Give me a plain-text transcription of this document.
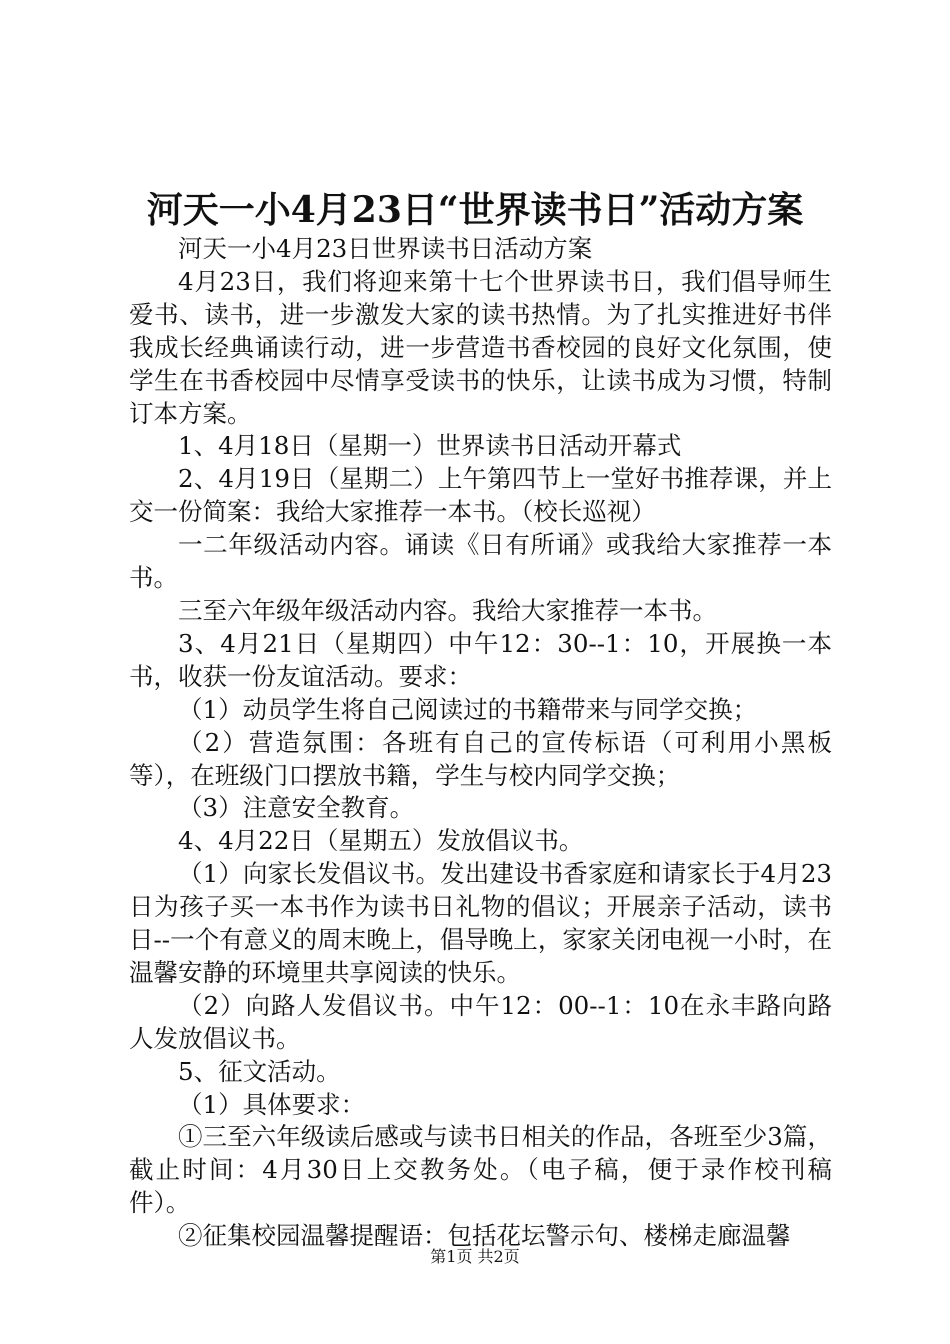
河天一小4月23日“世界读书日”活动方案

河天一小4月23日世界读书日活动方案

4月23日，我们将迎来第十七个世界读书日，我们倡导师生爱书、读书，进一步激发大家的读书热情。为了扎实推进好书伴我成长经典诵读行动，进一步营造书香校园的良好文化氛围，使学生在书香校园中尽情享受读书的快乐，让读书成为习惯，特制订本方案。

1、4月18日（星期一）世界读书日活动开幕式

2、4月19日（星期二）上午第四节上一堂好书推荐课，并上交一份简案：我给大家推荐一本书。（校长巡视）

一二年级活动内容。诵读《日有所诵》或我给大家推荐一本书。

三至六年级年级活动内容。我给大家推荐一本书。

3、4月21日（星期四）中午12：30--1：10，开展换一本书，收获一份友谊活动。要求：

（1）动员学生将自己阅读过的书籍带来与同学交换；

（2）营造氛围：各班有自己的宣传标语（可利用小黑板等），在班级门口摆放书籍，学生与校内同学交换；

（3）注意安全教育。

4、4月22日（星期五）发放倡议书。

（1）向家长发倡议书。发出建设书香家庭和请家长于4月23日为孩子买一本书作为读书日礼物的倡议；开展亲子活动，读书日--一个有意义的周末晚上，倡导晚上，家家关闭电视一小时，在温馨安静的环境里共享阅读的快乐。

（2）向路人发倡议书。中午12：00--1：10在永丰路向路人发放倡议书。

5、征文活动。

（1）具体要求：

①三至六年级读后感或与读书日相关的作品，各班至少3篇，截止时间：4月30日上交教务处。（电子稿，便于录作校刊稿件）。

②征集校园温馨提醒语：包括花坛警示句、楼梯走廊温馨

第1页 共2页
